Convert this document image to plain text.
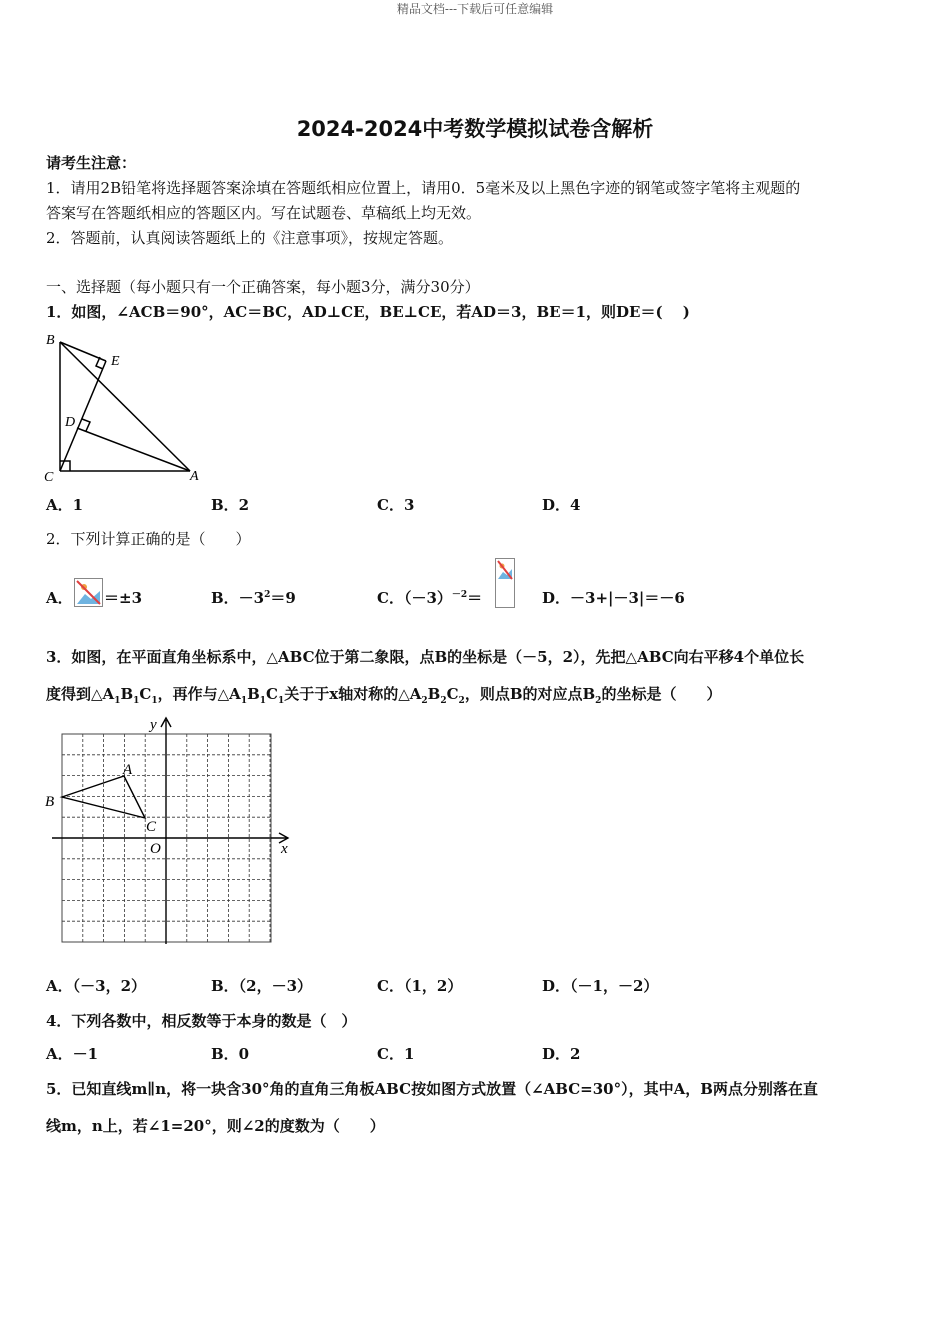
精品文档---下载后可任意编辑
2024-2024中考数学模拟试卷含解析
请考生注意：
1．请用2B铅笔将选择题答案涂填在答题纸相应位置上，请用0．5毫米及以上黑色字迹的钢笔或签字笔将主观题的
答案写在答题纸相应的答题区内。写在试题卷、草稿纸上均无效。
2．答题前，认真阅读答题纸上的《注意事项》，按规定答题。
一、选择题（每小题只有一个正确答案，每小题3分，满分30分）
1．如图，∠ACB＝90°，AC＝BC，AD⊥CE，BE⊥CE，若AD＝3，BE＝1，则DE＝(　 )
B
E
D
C	A
A．1	B．2	C．3	D．4
2．下列计算正确的是（　　）
A． ＝±3	B．$-3^2=9$	C．$(-3)^{-2}=$	D．－3+|－3|＝－6
3．如图，在平面直角坐标系中，△ABC位于第二象限，点B的坐标是（－5，2），先把△ABC向右平移4个单位长
度得到$\triangle A_1B_1C_1$，再作与$\triangle A_1B_1C_1$关于于x轴对称的$\triangle A_2B_2C_2$，则点B的对应点$B_2$的坐标是（　　）
y
x
O
A
B
C
A．（－3，2）	B．（2，－3）	C．（1，2）	D．（－1，－2）
4．下列各数中，相反数等于本身的数是（　）
A．－1	B．0	C．1	D．2
5．已知直线m∥n，将一块含30°角的直角三角板ABC按如图方式放置（∠ABC=30°），其中A，B两点分别落在直
线m，n上，若∠1=20°，则∠2的度数为（　　）
